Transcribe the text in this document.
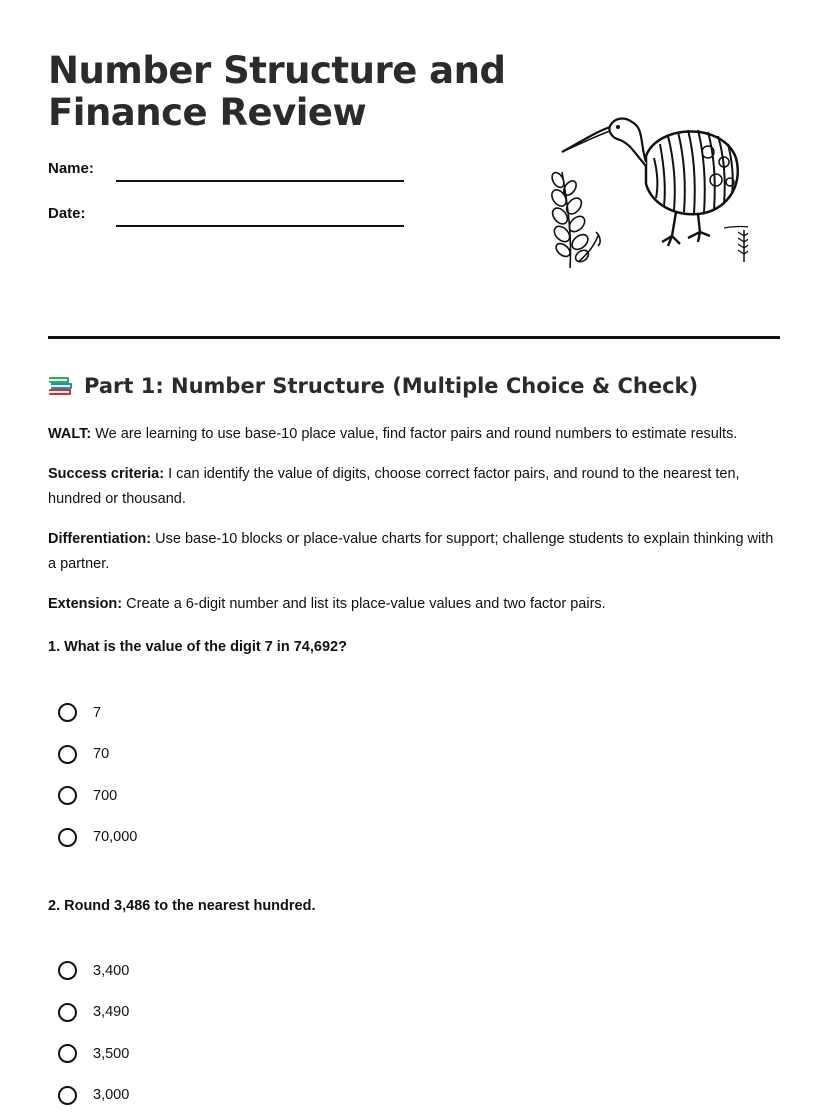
Number Structure and Finance Review
Name:
Date:
Part 1: Number Structure (Multiple Choice & Check)

WALT: We are learning to use base-10 place value, find factor pairs and round numbers to estimate results.

Success criteria: I can identify the value of digits, choose correct factor pairs, and round to the nearest ten, hundred or thousand.

Differentiation: Use base-10 blocks or place-value charts for support; challenge students to explain thinking with a partner.

Extension: Create a 6-digit number and list its place-value values and two factor pairs.

1. What is the value of the digit 7 in 74,692?

7
70
700
70,000

2. Round 3,486 to the nearest hundred.

3,400
3,490
3,500
3,000
